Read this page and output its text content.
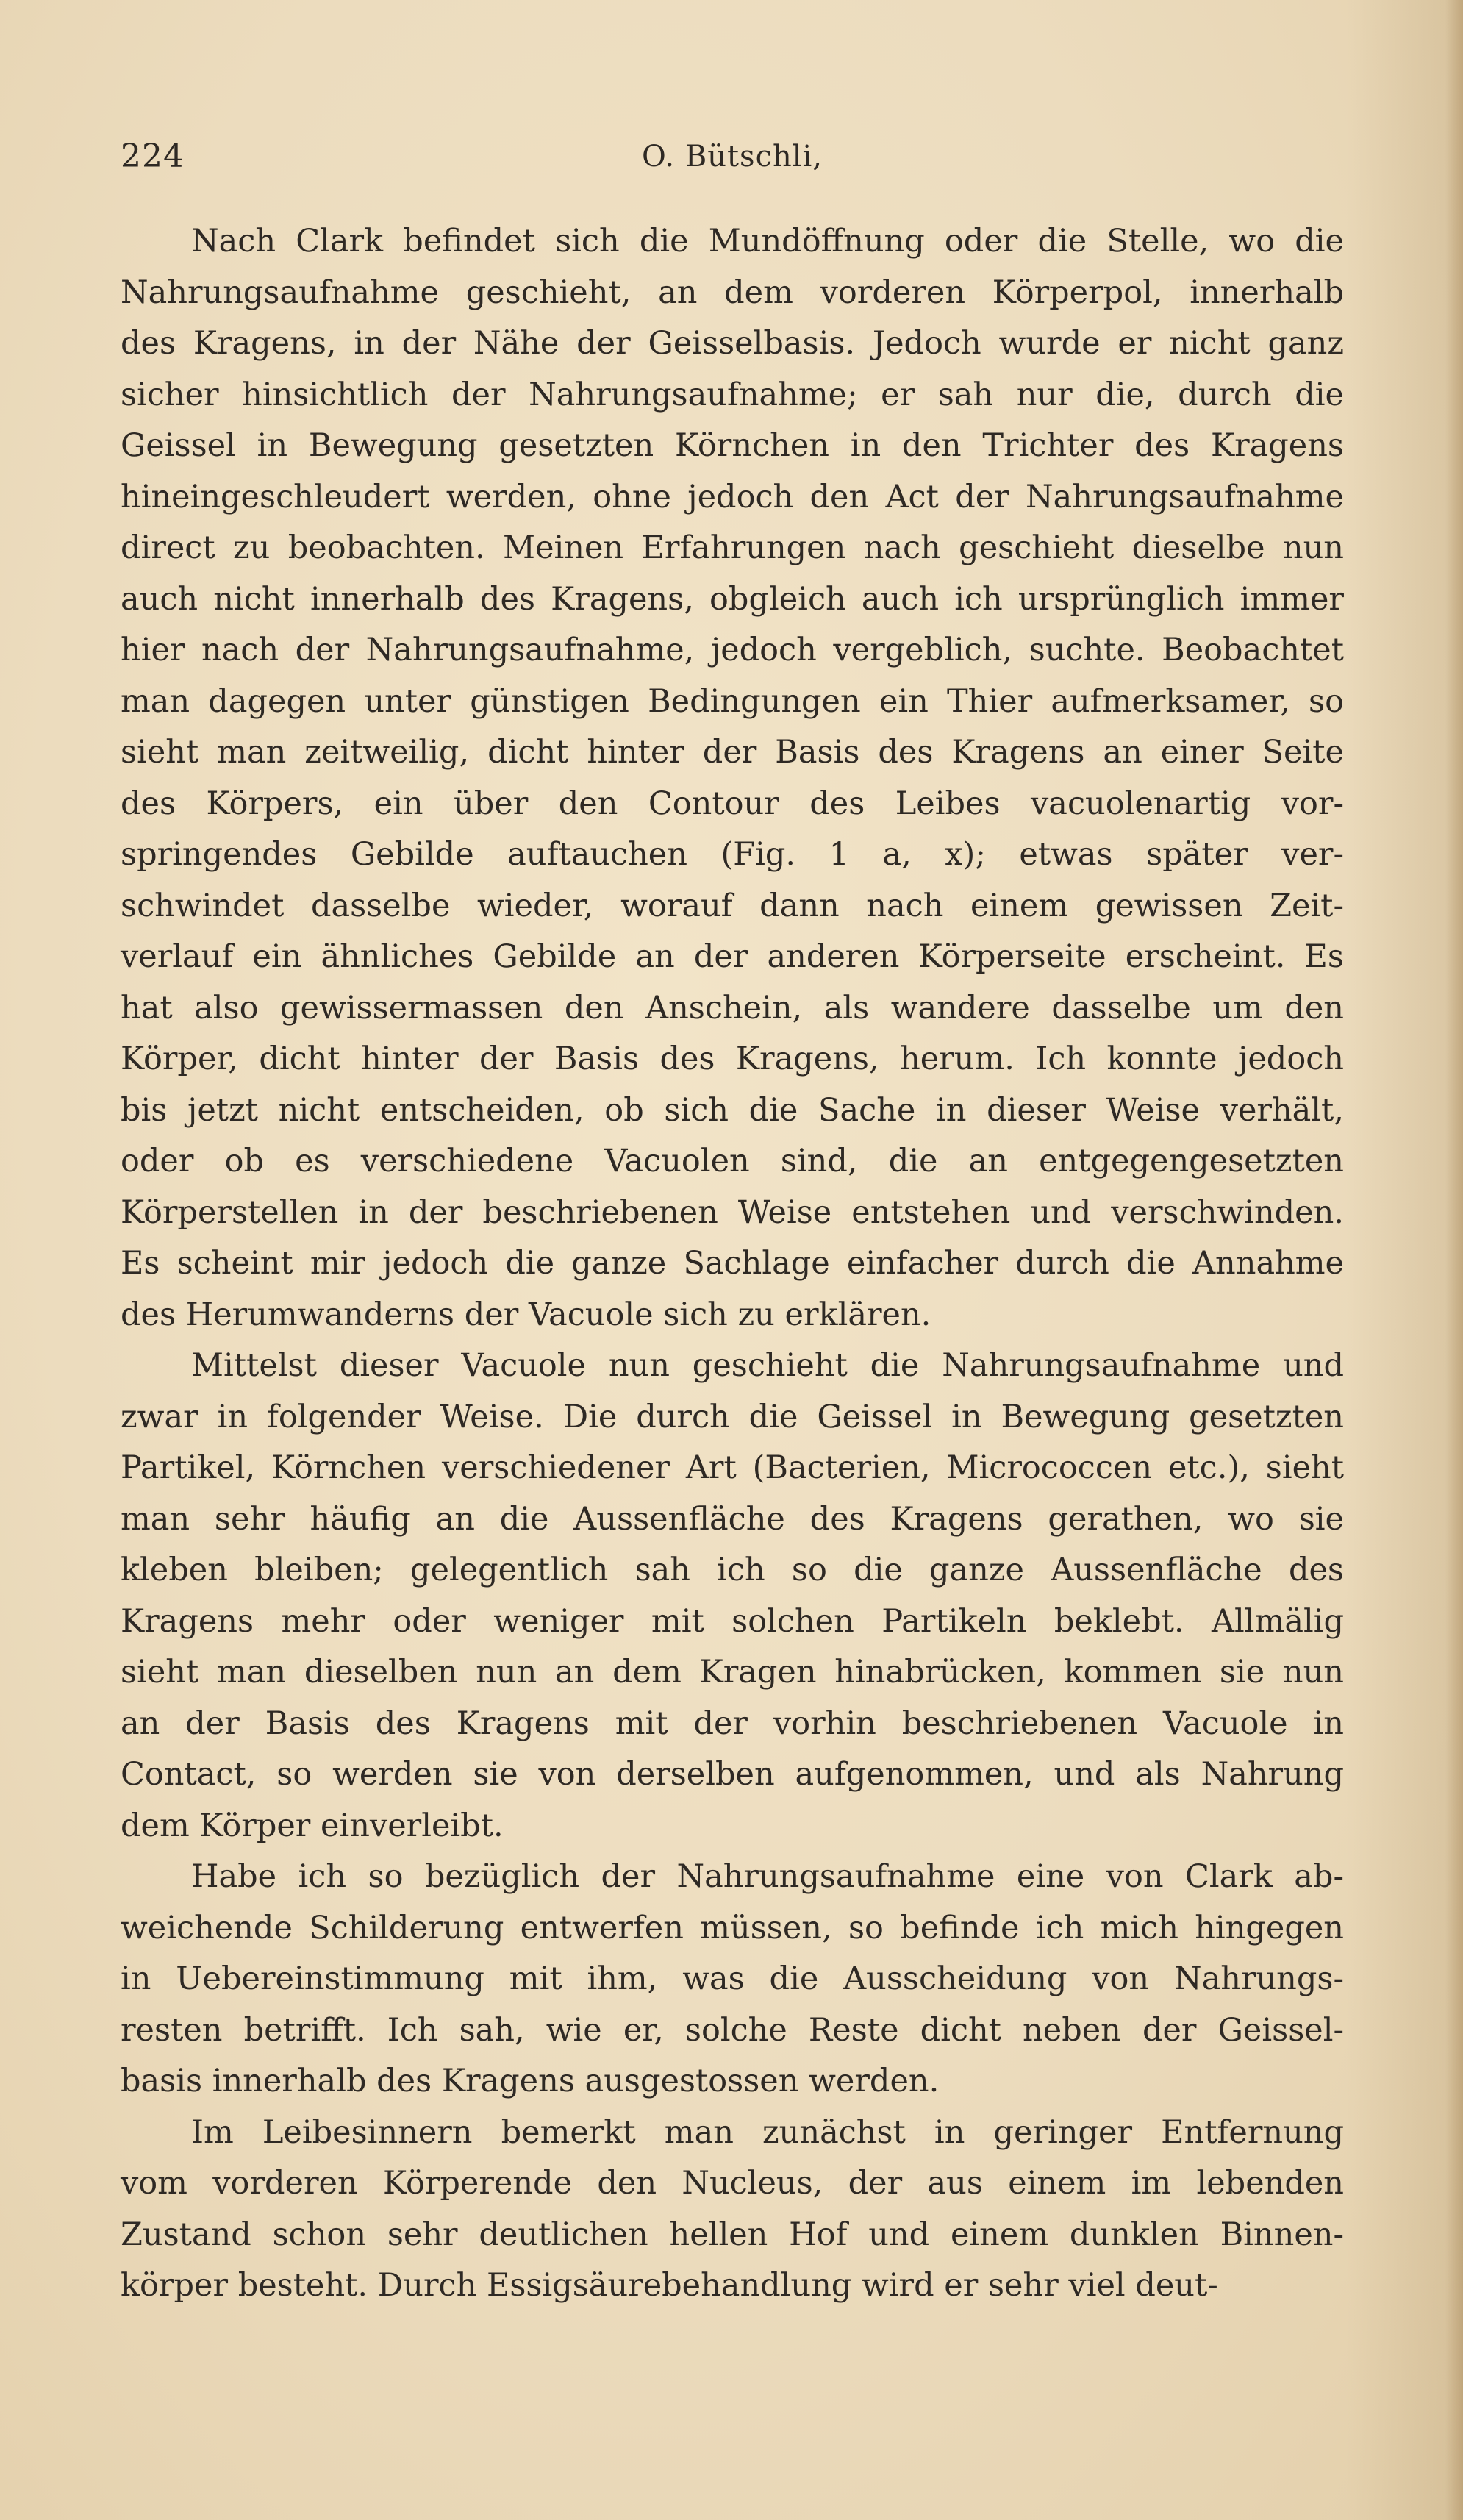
224	O. Bütschli,
Nach Clark befindet sich die Mundöffnung oder die Stelle, wo die
Nahrungsaufnahme geschieht, an dem vorderen Körperpol, innerhalb
des Kragens, in der Nähe der Geisselbasis. Jedoch wurde er nicht ganz
sicher hinsichtlich der Nahrungsaufnahme; er sah nur die, durch die
Geissel in Bewegung gesetzten Körnchen in den Trichter des Kragens
hineingeschleudert werden, ohne jedoch den Act der Nahrungsaufnahme
direct zu beobachten. Meinen Erfahrungen nach geschieht dieselbe nun
auch nicht innerhalb des Kragens, obgleich auch ich ursprünglich immer
hier nach der Nahrungsaufnahme, jedoch vergeblich, suchte. Beobachtet
man dagegen unter günstigen Bedingungen ein Thier aufmerksamer, so
sieht man zeitweilig, dicht hinter der Basis des Kragens an einer Seite
des Körpers, ein über den Contour des Leibes vacuolenartig vor-
springendes Gebilde auftauchen (Fig. 1 a, x); etwas später ver-
schwindet dasselbe wieder, worauf dann nach einem gewissen Zeit-
verlauf ein ähnliches Gebilde an der anderen Körperseite erscheint. Es
hat also gewissermassen den Anschein, als wandere dasselbe um den
Körper, dicht hinter der Basis des Kragens, herum. Ich konnte jedoch
bis jetzt nicht entscheiden, ob sich die Sache in dieser Weise verhält,
oder ob es verschiedene Vacuolen sind, die an entgegengesetzten
Körperstellen in der beschriebenen Weise entstehen und verschwinden.
Es scheint mir jedoch die ganze Sachlage einfacher durch die Annahme
des Herumwanderns der Vacuole sich zu erklären.
Mittelst dieser Vacuole nun geschieht die Nahrungsaufnahme und
zwar in folgender Weise. Die durch die Geissel in Bewegung gesetzten
Partikel, Körnchen verschiedener Art (Bacterien, Micrococcen etc.), sieht
man sehr häufig an die Aussenfläche des Kragens gerathen, wo sie
kleben bleiben; gelegentlich sah ich so die ganze Aussenfläche des
Kragens mehr oder weniger mit solchen Partikeln beklebt. Allmälig
sieht man dieselben nun an dem Kragen hinabrücken, kommen sie nun
an der Basis des Kragens mit der vorhin beschriebenen Vacuole in
Contact, so werden sie von derselben aufgenommen, und als Nahrung
dem Körper einverleibt.
Habe ich so bezüglich der Nahrungsaufnahme eine von Clark ab-
weichende Schilderung entwerfen müssen, so befinde ich mich hingegen
in Uebereinstimmung mit ihm, was die Ausscheidung von Nahrungs-
resten betrifft. Ich sah, wie er, solche Reste dicht neben der Geissel-
basis innerhalb des Kragens ausgestossen werden.
Im Leibesinnern bemerkt man zunächst in geringer Entfernung
vom vorderen Körperende den Nucleus, der aus einem im lebenden
Zustand schon sehr deutlichen hellen Hof und einem dunklen Binnen-
körper besteht. Durch Essigsäurebehandlung wird er sehr viel deut-
